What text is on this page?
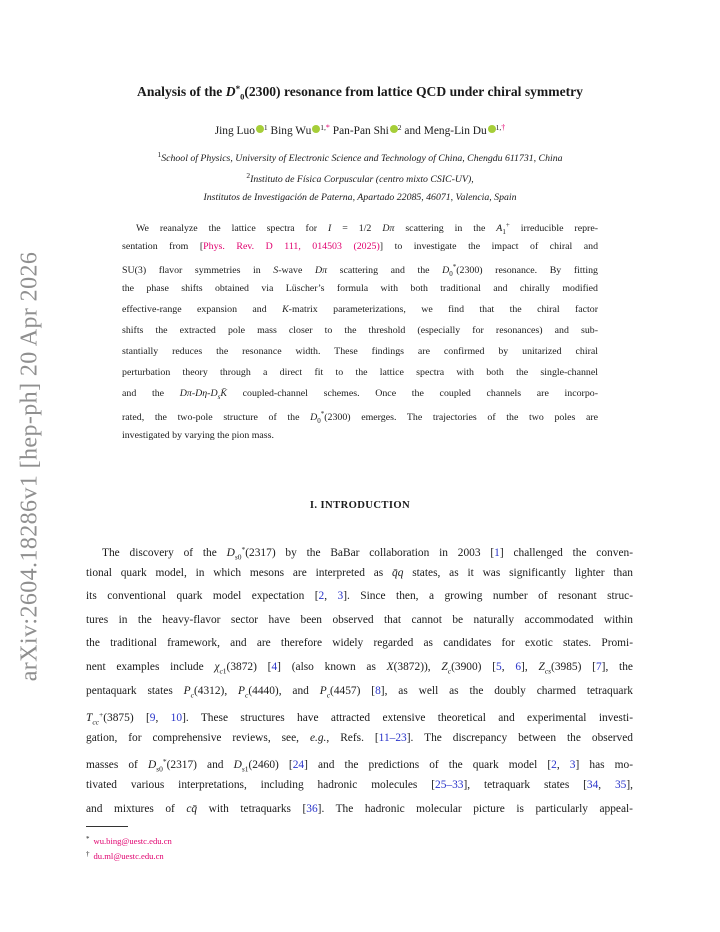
arXiv:2604.18286v1 [hep-ph] 20 Apr 2026
Analysis of the $D^*_0(2300)$ resonance from lattice QCD under chiral symmetry
Jing Luo $^1$ Bing Wu $^{1,*}$ Pan-Pan Shi $^2$ and Meng-Lin Du $^{1,\dagger}$
$^1$School of Physics, University of Electronic Science and Technology of China, Chengdu 611731, China
$^2$Instituto de Física Corpuscular (centro mixto CSIC-UV),
Institutos de Investigación de Paterna, Apartado 22085, 46071, Valencia, Spain
We reanalyze the lattice spectra for I = 1/2 Dπ scattering in the $A_1^+$ irreducible repre-
sentation from [Phys. Rev. D 111, 014503 (2025)] to investigate the impact of chiral and
SU(3) flavor symmetries in S-wave Dπ scattering and the $D_0^*(2300)$ resonance. By fitting
the phase shifts obtained via Lüscher’s formula with both traditional and chirally modified
effective-range expansion and K-matrix parameterizations, we find that the chiral factor
shifts the extracted pole mass closer to the threshold (especially for resonances) and sub-
stantially reduces the resonance width. These findings are confirmed by unitarized chiral
perturbation theory through a direct fit to the lattice spectra with both the single-channel
and the $D\pi-D\eta-D_sK̄$ coupled-channel schemes. Once the coupled channels are incorpo-
rated, the two-pole structure of the $D_0^*(2300)$ emerges. The trajectories of the two poles are
investigated by varying the pion mass.
I. INTRODUCTION
The discovery of the $D_{s0}^*(2317)$ by the BaBar collaboration in 2003 [1] challenged the conven-
tional quark model, in which mesons are interpreted as q̄q states, as it was significantly lighter than
its conventional quark model expectation [2, 3]. Since then, a growing number of resonant struc-
tures in the heavy-flavor sector have been observed that cannot be naturally accommodated within
the traditional framework, and are therefore widely regarded as candidates for exotic states. Promi-
nent examples include $\chi_{c1}(3872)$ [4] (also known as X(3872)), $Z_c(3900)$ [5, 6], $Z_{cs}(3985)$ [7], the
pentaquark states $P_c(4312)$, $P_c(4440)$, and $P_c(4457)$ [8], as well as the doubly charmed tetraquark
$T_{cc}^+(3875)$ [9, 10]. These structures have attracted extensive theoretical and experimental investi-
gation, for comprehensive reviews, see, e.g., Refs. [11–23]. The discrepancy between the observed
masses of $D_{s0}^*(2317)$ and $D_{s1}(2460)$ [24] and the predictions of the quark model [2, 3] has mo-
tivated various interpretations, including hadronic molecules [25–33], tetraquark states [34, 35],
and mixtures of cq̄ with tetraquarks [36]. The hadronic molecular picture is particularly appeal-
* wu.bing@uestc.edu.cn
† du.ml@uestc.edu.cn
